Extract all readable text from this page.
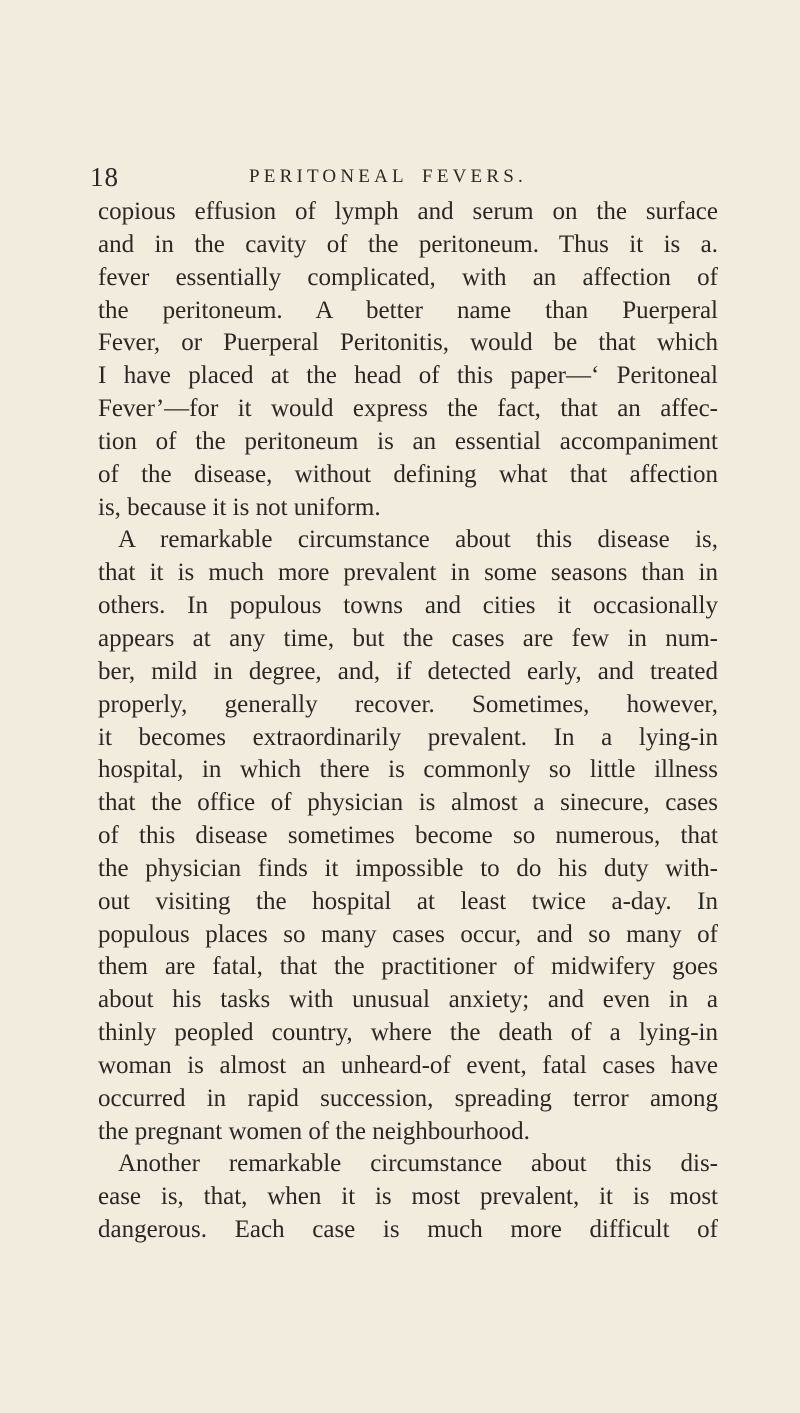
18	PERITONEAL FEVERS.
copious effusion of lymph and serum on the surface
and in the cavity of the peritoneum. Thus it is a.
fever essentially complicated, with an affection of
the peritoneum. A better name than Puerperal
Fever, or Puerperal Peritonitis, would be that which
I have placed at the head of this paper—‘ Peritoneal
Fever’—for it would express the fact, that an affec-
tion of the peritoneum is an essential accompaniment
of the disease, without defining what that affection
is, because it is not uniform.
A remarkable circumstance about this disease is,
that it is much more prevalent in some seasons than in
others. In populous towns and cities it occasionally
appears at any time, but the cases are few in num-
ber, mild in degree, and, if detected early, and treated
properly, generally recover. Sometimes, however,
it becomes extraordinarily prevalent. In a lying-in
hospital, in which there is commonly so little illness
that the office of physician is almost a sinecure, cases
of this disease sometimes become so numerous, that
the physician finds it impossible to do his duty with-
out visiting the hospital at least twice a-day. In
populous places so many cases occur, and so many of
them are fatal, that the practitioner of midwifery goes
about his tasks with unusual anxiety; and even in a
thinly peopled country, where the death of a lying-in
woman is almost an unheard-of event, fatal cases have
occurred in rapid succession, spreading terror among
the pregnant women of the neighbourhood.
Another remarkable circumstance about this dis-
ease is, that, when it is most prevalent, it is most
dangerous. Each case is much more difficult of
